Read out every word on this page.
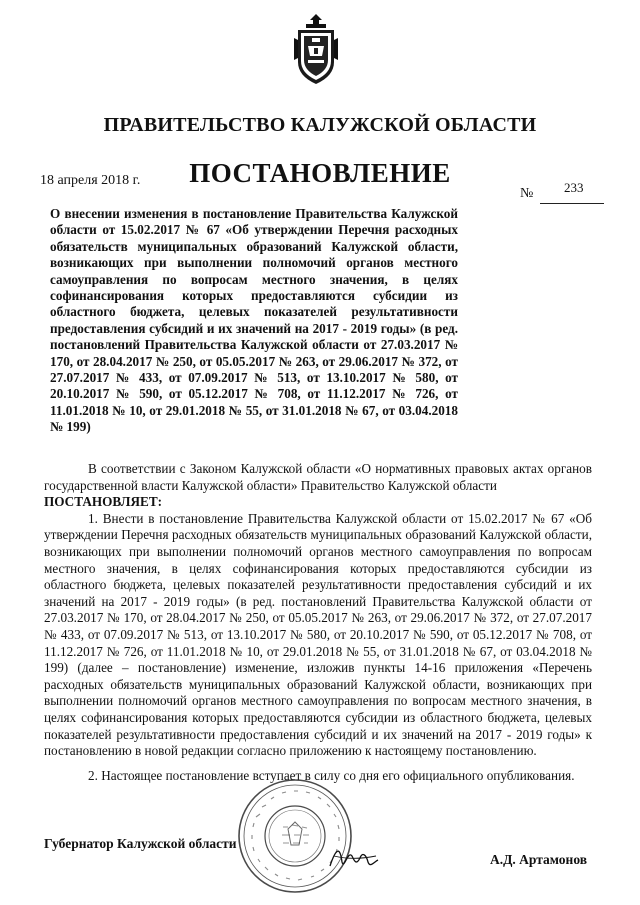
ПРАВИТЕЛЬСТВО КАЛУЖСКОЙ ОБЛАСТИ
ПОСТАНОВЛЕНИЕ
18 апреля 2018 г.
№ 233
О внесении изменения в постановление Правительства Калужской области от 15.02.2017 № 67 «Об утверждении Перечня расходных обязательств муниципальных образований Калужской области, возникающих при выполнении полномочий органов местного самоуправления по вопросам местного значения, в целях софинансирования которых предоставляются субсидии из областного бюджета, целевых показателей результативности предоставления субсидий и их значений на 2017 - 2019 годы» (в ред. постановлений Правительства Калужской области от 27.03.2017 № 170, от 28.04.2017 № 250, от 05.05.2017 № 263, от 29.06.2017 № 372, от 27.07.2017 № 433, от 07.09.2017 № 513, от 13.10.2017 № 580, от 20.10.2017 № 590, от 05.12.2017 № 708, от 11.12.2017 № 726, от 11.01.2018 № 10, от 29.01.2018 № 55, от 31.01.2018 № 67, от 03.04.2018 № 199)

В соответствии с Законом Калужской области «О нормативных правовых актах органов государственной власти Калужской области» Правительство Калужской области

ПОСТАНОВЛЯЕТ:

1. Внести в постановление Правительства Калужской области от 15.02.2017 № 67 «Об утверждении Перечня расходных обязательств муниципальных образований Калужской области, возникающих при выполнении полномочий органов местного самоуправления по вопросам местного значения, в целях софинансирования которых предоставляются субсидии из областного бюджета, целевых показателей результативности предоставления субсидий и их значений на 2017 - 2019 годы» (в ред. постановлений Правительства Калужской области от 27.03.2017 № 170, от 28.04.2017 № 250, от 05.05.2017 № 263, от 29.06.2017 № 372, от 27.07.2017 № 433, от 07.09.2017 № 513, от 13.10.2017 № 580, от 20.10.2017 № 590, от 05.12.2017 № 708, от 11.12.2017 № 726, от 11.01.2018 № 10, от 29.01.2018 № 55, от 31.01.2018 № 67, от 03.04.2018 № 199) (далее – постановление) изменение, изложив пункты 14-16 приложения «Перечень расходных обязательств муниципальных образований Калужской области, возникающих при выполнении полномочий органов местного самоуправления по вопросам местного значения, в целях софинансирования которых предоставляются субсидии из областного бюджета, целевых показателей результативности предоставления субсидий и их значений на 2017 - 2019 годы» к постановлению в новой редакции согласно приложению к настоящему постановлению.

2. Настоящее постановление вступает в силу со дня его официального опубликования.

Губернатор Калужской области
А.Д. Артамонов
